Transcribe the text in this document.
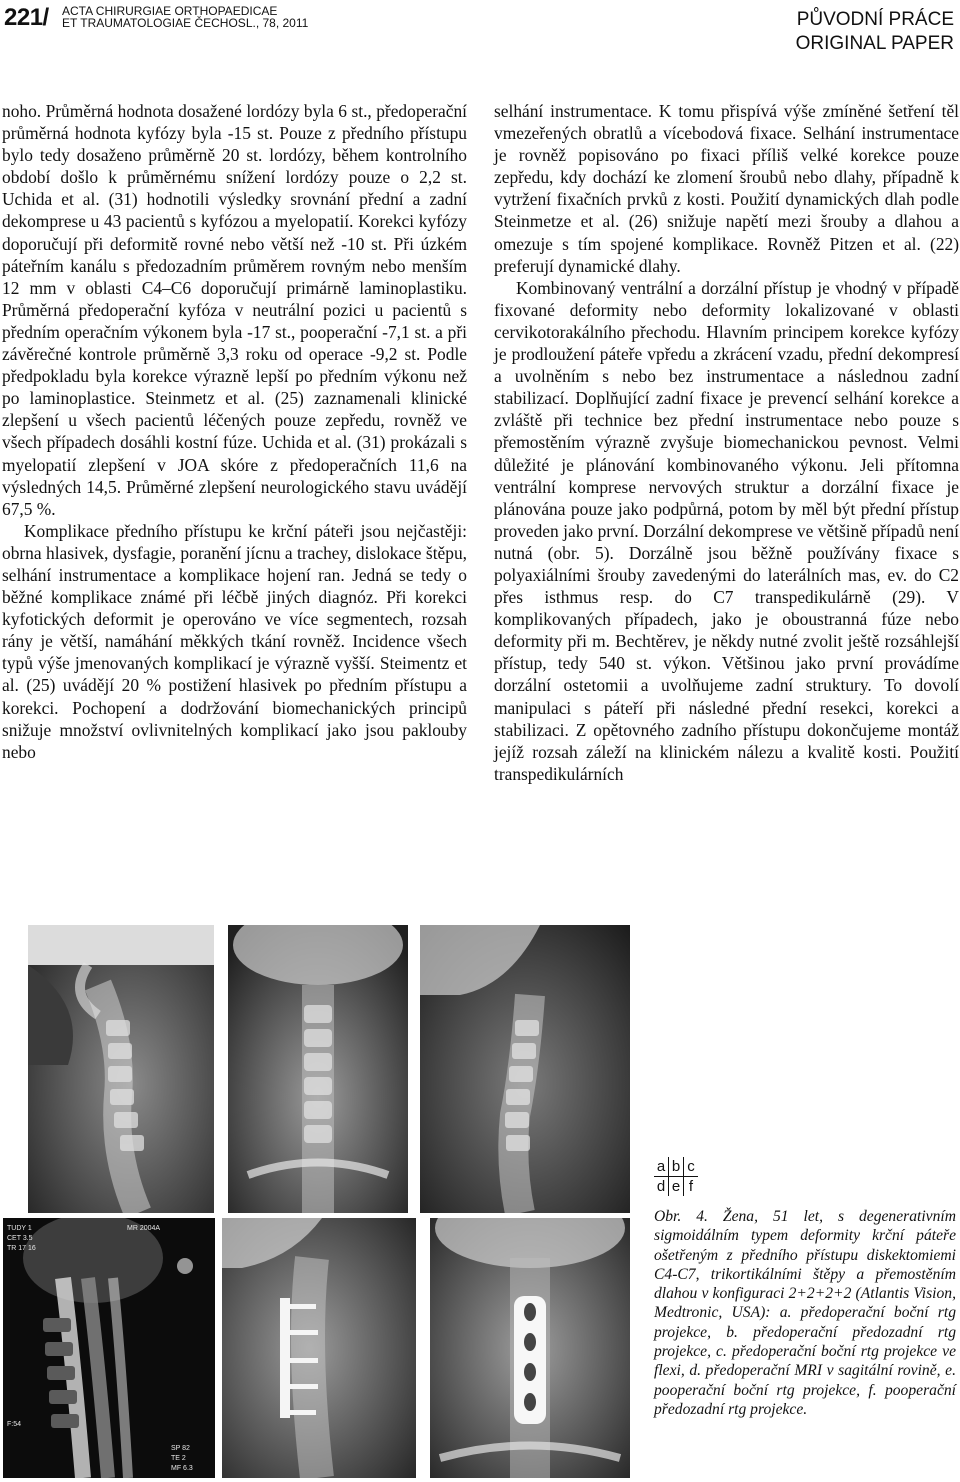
221/ ACTA CHIRURGIAE ORTHOPAEDICAE
ET TRAUMATOLOGIAE ČECHOSL., 78, 2011	PŮVODNÍ PRÁCE
ORIGINAL PAPER

noho. Průměrná hodnota dosažené lordózy byla 6 st., předoperační průměrná hodnota kyfózy byla -15 st. Pouze z předního přístupu bylo tedy dosaženo průměrně 20 st. lordózy, během kontrolního období došlo k průměrnému snížení lordózy pouze o 2,2 st. Uchida et al. (31) hodnotili výsledky srovnání přední a zadní dekomprese u 43 pacientů s kyfózou a myelopatií. Korekci kyfózy doporučují při deformitě rovné nebo větší než -10 st. Při úzkém páteřním kanálu s předozadním průměrem rovným nebo menším 12 mm v oblasti C4–C6 doporučují primárně laminoplastiku. Průměrná předoperační kyfóza v neutrální pozici u pacientů s předním operačním výkonem byla -17 st., pooperační -7,1 st. a při závěrečné kontrole průměrně 3,3 roku od operace -9,2 st. Podle předpokladu byla korekce výrazně lepší po předním výkonu než po laminoplastice. Steinmetz et al. (25) zaznamenali klinické zlepšení u všech pacientů léčených pouze zepředu, rovněž ve všech případech dosáhli kostní fúze. Uchida et al. (31) prokázali s myelopatií zlepšení v JOA skóre z předoperačních 11,6 na výsledných 14,5. Průměrné zlepšení neurologického stavu uvádějí 67,5 %.

Komplikace předního přístupu ke krční páteři jsou nejčastěji: obrna hlasivek, dysfagie, poranění jícnu a trachey, dislokace štěpu, selhání instrumentace a komplikace hojení ran. Jedná se tedy o běžné komplikace známé při léčbě jiných diagnóz. Při korekci kyfotických deformit je operováno ve více segmentech, rozsah rány je větší, namáhání měkkých tkání rovněž. Incidence všech typů výše jmenovaných komplikací je výrazně vyšší. Steimentz et al. (25) uvádějí 20 % postižení hlasivek po předním přístupu a korekci. Pochopení a dodržování biomechanických principů snižuje množství ovlivnitelných komplikací jako jsou paklouby nebo

selhání instrumentace. K tomu přispívá výše zmíněné šetření těl vmezeřených obratlů a vícebodová fixace. Selhání instrumentace je rovněž popisováno po fixaci příliš velké korekce pouze zepředu, kdy dochází ke zlomení šroubů nebo dlahy, případně k vytržení fixačních prvků z kosti. Použití dynamických dlah podle Steinmetze et al. (26) snižuje napětí mezi šrouby a dlahou a omezuje s tím spojené komplikace. Rovněž Pitzen et al. (22) preferují dynamické dlahy.

Kombinovaný ventrální a dorzální přístup je vhodný v případě fixované deformity nebo deformity lokalizované v oblasti cervikotorakálního přechodu. Hlavním principem korekce kyfózy je prodloužení páteře vpředu a zkrácení vzadu, přední dekompresí a uvolněním s nebo bez instrumentace a následnou zadní stabilizací. Doplňující zadní fixace je prevencí selhání korekce a zvláště při technice bez přední instrumentace nebo pouze s přemostěním výrazně zvyšuje biomechanickou pevnost. Velmi důležité je plánování kombinovaného výkonu. Jeli přítomna ventrální komprese nervových struktur a dorzální fixace je plánována pouze jako podpůrná, potom by měl být přední přístup proveden jako první. Dorzální dekomprese ve většině případů není nutná (obr. 5). Dorzálně jsou běžně používány fixace s polyaxiálními šrouby zavedenými do laterálních mas, ev. do C2 přes isthmus resp. do C7 transpedikulárně (29). V komplikovaných případech, jako je oboustranná fúze nebo deformity při m. Bechtěrev, je někdy nutné zvolit ještě rozsáhlejší přístup, tedy 540 st. výkon. Většinou jako první provádíme dorzální ostetomii a uvolňujeme zadní struktury. To dovolí manipulaci s páteří při následné přední resekci, korekci a stabilizaci. Z opětovného zadního přístupu dokončujeme montáž jejíž rozsah záleží na klinickém nálezu a kvalitě kosti. Použití transpedikulárních

MR 2004A
TUDY 1
CET 3.5
TR 17 16
F:54
SP 82
TE 2
MF 6.3
a b c
d e f
Obr. 4. Žena, 51 let, s degenerativním sigmoidálním typem deformity krční páteře ošetřeným z předního přístupu diskektomiemi C4-C7, trikortikálními štěpy a přemostěním dlahou v konfiguraci 2+2+2+2 (Atlantis Vision, Medtronic, USA): a. předoperační boční rtg projekce, b. předoperační předozadní rtg projekce, c. předoperační boční rtg projekce ve flexi, d. předoperační MRI v sagitální rovině, e. pooperační boční rtg projekce, f. pooperační předozadní rtg projekce.
